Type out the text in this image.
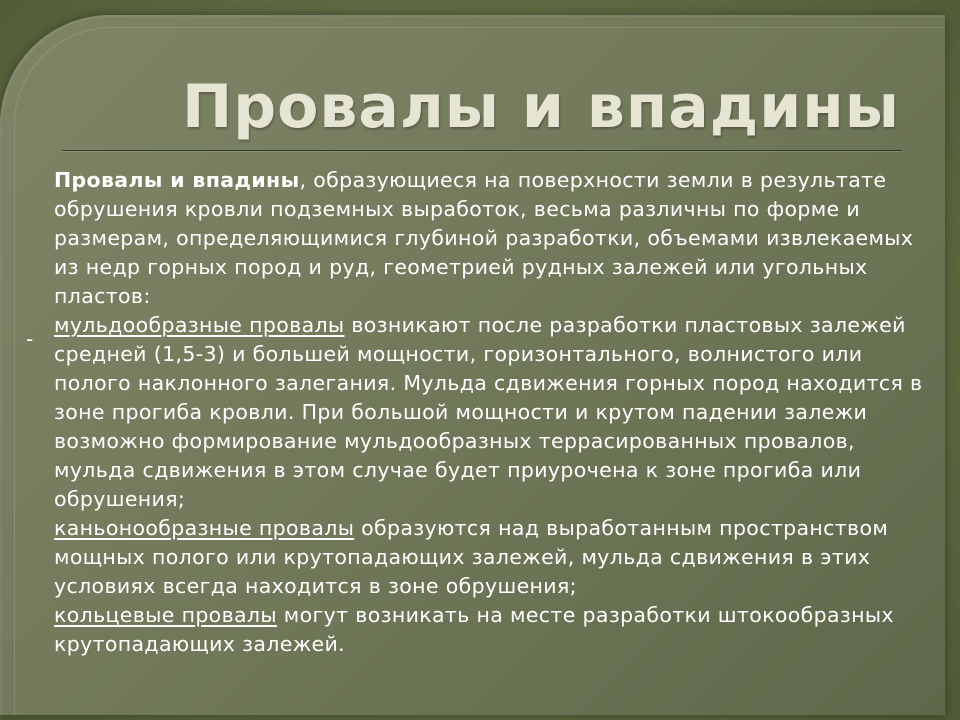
Провалы и впадины
-

Провалы и впадины, образующиеся на поверхности земли в результате обрушения кровли подземных выработок, весьма различны по форме и размерам, определяющимися глубиной разработки, объемами извлекаемых из недр горных пород и руд, геометрией рудных залежей или угольных пластов:

мульдообразные провалы возникают после разработки пластовых залежей средней (1,5-3) и большей мощности, горизонтального, волнистого или полого наклонного залегания. Мульда сдвижения горных пород находится в зоне прогиба кровли. При большой мощности и крутом падении залежи возможно формирование мульдообразных террасированных провалов, мульда сдвижения в этом случае будет приурочена к зоне прогиба или обрушения;

каньонообразные провалы образуются над выработанным пространством мощных полого или крутопадающих залежей, мульда сдвижения в этих условиях всегда находится в зоне обрушения;

кольцевые провалы могут возникать на месте разработки штокообразных крутопадающих залежей.
